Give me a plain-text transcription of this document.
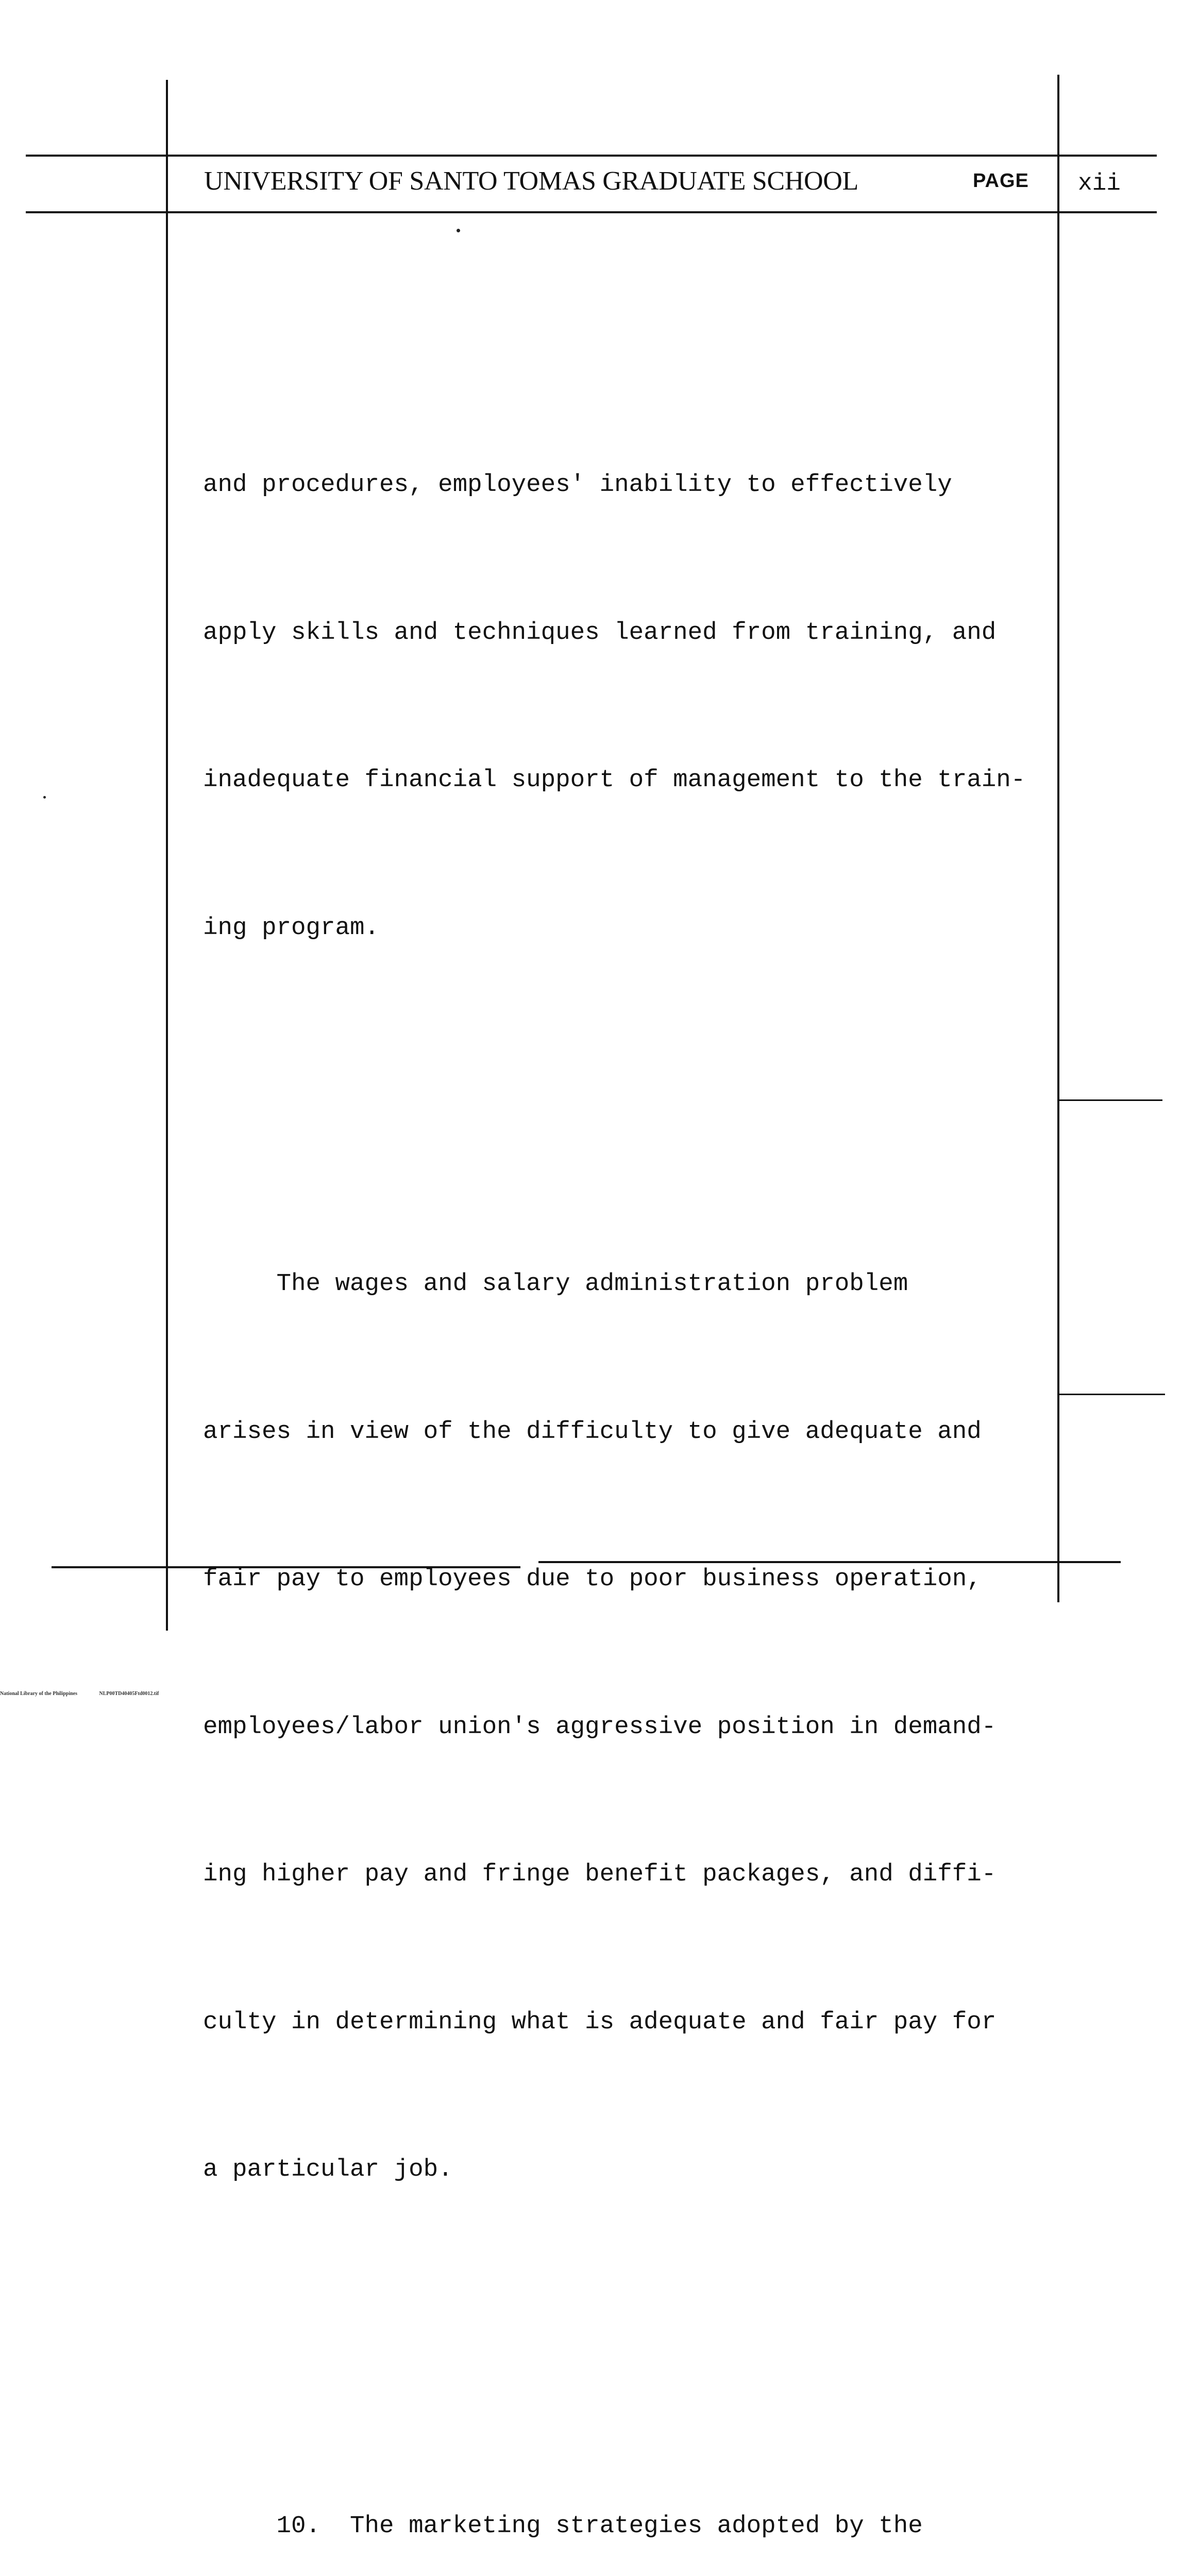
UNIVERSITY OF SANTO TOMAS GRADUATE SCHOOL	PAGE xii

and procedures, employees' inability to effectively

apply skills and techniques learned from training, and

inadequate financial support of management to the train-

ing program.

The wages and salary administration problem

arises in view of the difficulty to give adequate and

fair pay to employees due to poor business operation,

employees/labor union's aggressive position in demand-

ing higher pay and fringe benefit packages, and diffi-

culty in determining what is adequate and fair pay for

a particular job.

10.  The marketing strategies adopted by the

National Library of the Philippines	NLP00TD40405Ftd0012.tif
